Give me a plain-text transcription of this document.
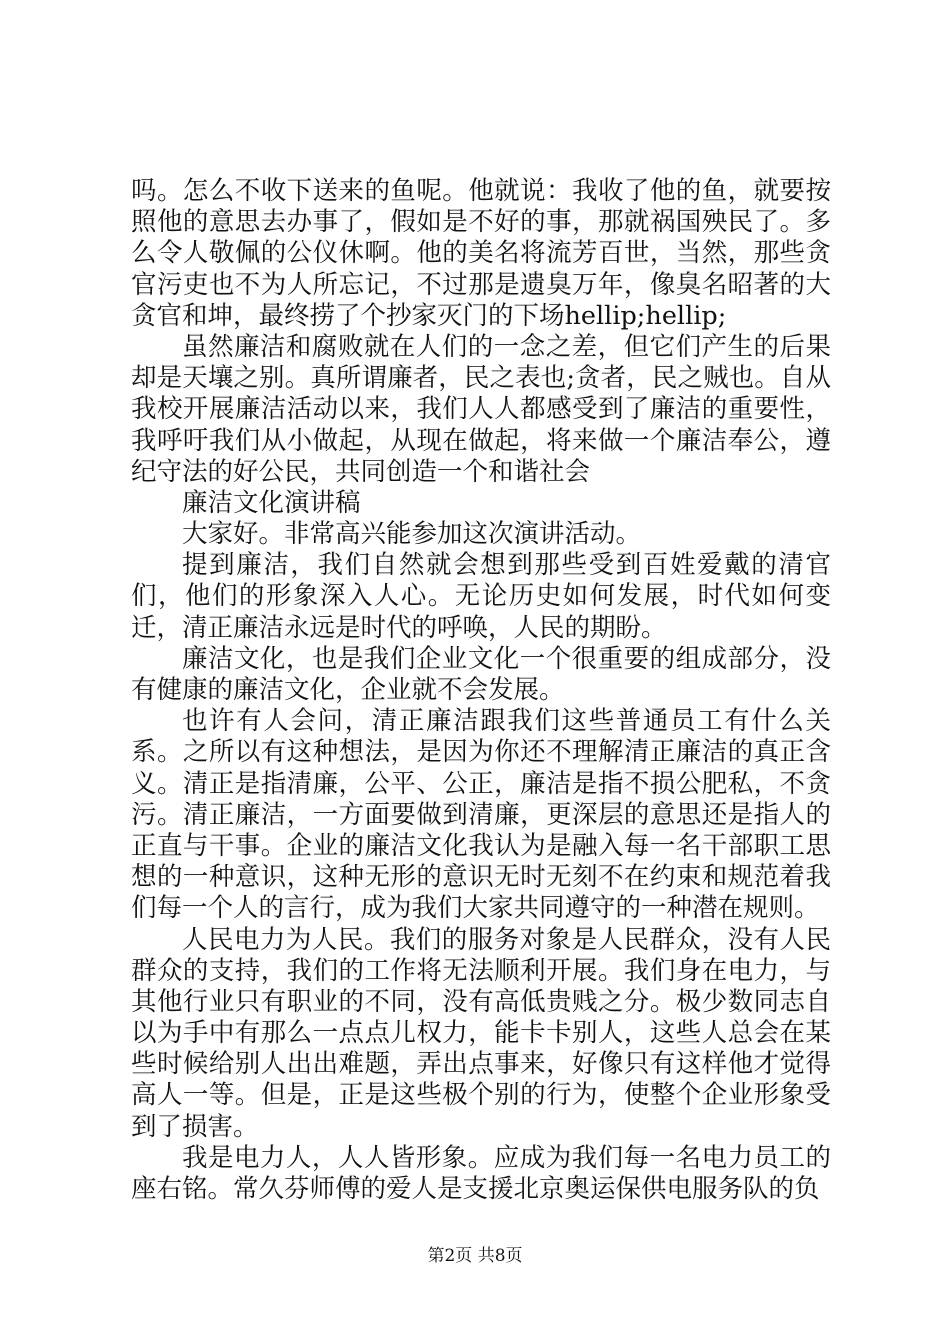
吗。怎么不收下送来的鱼呢。他就说：我收了他的鱼，就要按照他的意思去办事了，假如是不好的事，那就祸国殃民了。多么令人敬佩的公仪休啊。他的美名将流芳百世，当然，那些贪官污吏也不为人所忘记，不过那是遗臭万年，像臭名昭著的大贪官和坤，最终捞了个抄家灭门的下场hellip;hellip;

虽然廉洁和腐败就在人们的一念之差，但它们产生的后果却是天壤之别。真所谓廉者，民之表也;贪者，民之贼也。自从我校开展廉洁活动以来，我们人人都感受到了廉洁的重要性，我呼吁我们从小做起，从现在做起，将来做一个廉洁奉公，遵纪守法的好公民，共同创造一个和谐社会

廉洁文化演讲稿

大家好。非常高兴能参加这次演讲活动。

提到廉洁，我们自然就会想到那些受到百姓爱戴的清官们，他们的形象深入人心。无论历史如何发展，时代如何变迁，清正廉洁永远是时代的呼唤，人民的期盼。

廉洁文化，也是我们企业文化一个很重要的组成部分，没有健康的廉洁文化，企业就不会发展。

也许有人会问，清正廉洁跟我们这些普通员工有什么关系。之所以有这种想法，是因为你还不理解清正廉洁的真正含义。清正是指清廉，公平、公正，廉洁是指不损公肥私，不贪污。清正廉洁，一方面要做到清廉，更深层的意思还是指人的正直与干事。企业的廉洁文化我认为是融入每一名干部职工思想的一种意识，这种无形的意识无时无刻不在约束和规范着我们每一个人的言行，成为我们大家共同遵守的一种潜在规则。

人民电力为人民。我们的服务对象是人民群众，没有人民群众的支持，我们的工作将无法顺利开展。我们身在电力，与其他行业只有职业的不同，没有高低贵贱之分。极少数同志自以为手中有那么一点点儿权力，能卡卡别人，这些人总会在某些时候给别人出出难题，弄出点事来，好像只有这样他才觉得高人一等。但是，正是这些极个别的行为，使整个企业形象受到了损害。

我是电力人，人人皆形象。应成为我们每一名电力员工的座右铭。常久芬师傅的爱人是支援北京奥运保供电服务队的负

第2页 共8页
